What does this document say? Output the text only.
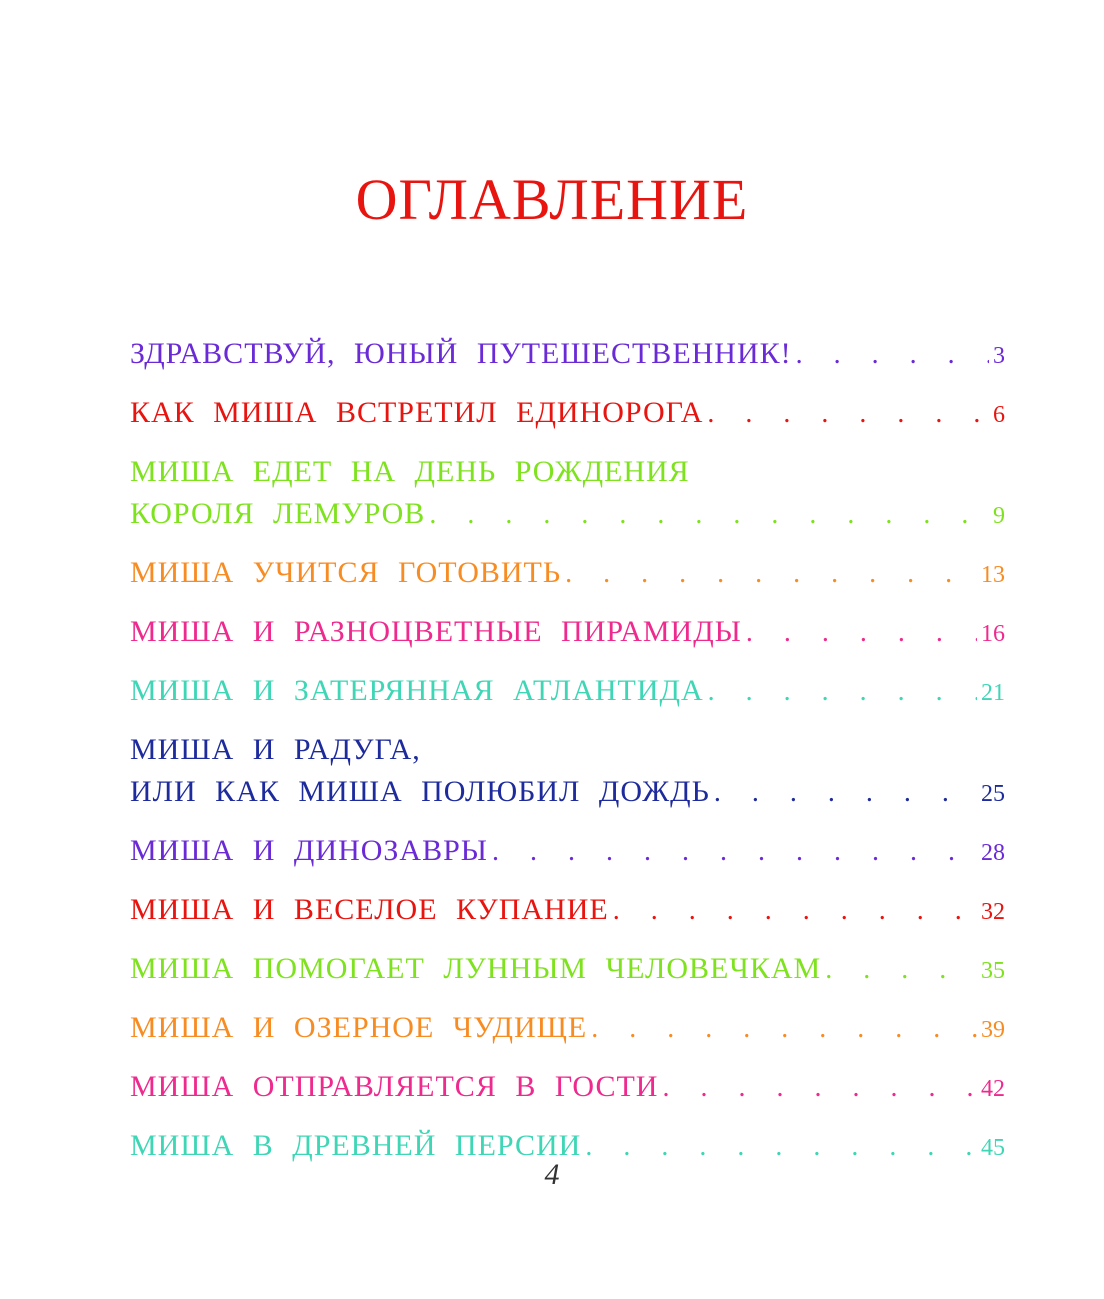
ОГЛАВЛЕНИЕ
ЗДРАВСТВУЙ, ЮНЫЙ ПУТЕШЕСТВЕННИК! . . .	3
КАК МИША ВСТРЕТИЛ ЕДИНОРОГА . . .	6
МИША ЕДЕТ НА ДЕНЬ РОЖДЕНИЯ
КОРОЛЯ ЛЕМУРОВ . . .	9
МИША УЧИТСЯ ГОТОВИТЬ . . .	13
МИША И РАЗНОЦВЕТНЫЕ ПИРАМИДЫ . . .	16
МИША И ЗАТЕРЯННАЯ АТЛАНТИДА . . .	21
МИША И РАДУГА,
ИЛИ КАК МИША ПОЛЮБИЛ ДОЖДЬ . . .	25
МИША И ДИНОЗАВРЫ . . .	28
МИША И ВЕСЕЛОЕ КУПАНИЕ . . .	32
МИША ПОМОГАЕТ ЛУННЫМ ЧЕЛОВЕЧКАМ . . .	35
МИША И ОЗЕРНОЕ ЧУДИЩЕ . . .	39
МИША ОТПРАВЛЯЕТСЯ В ГОСТИ . . .	42
МИША В ДРЕВНЕЙ ПЕРСИИ . . .	45
4
